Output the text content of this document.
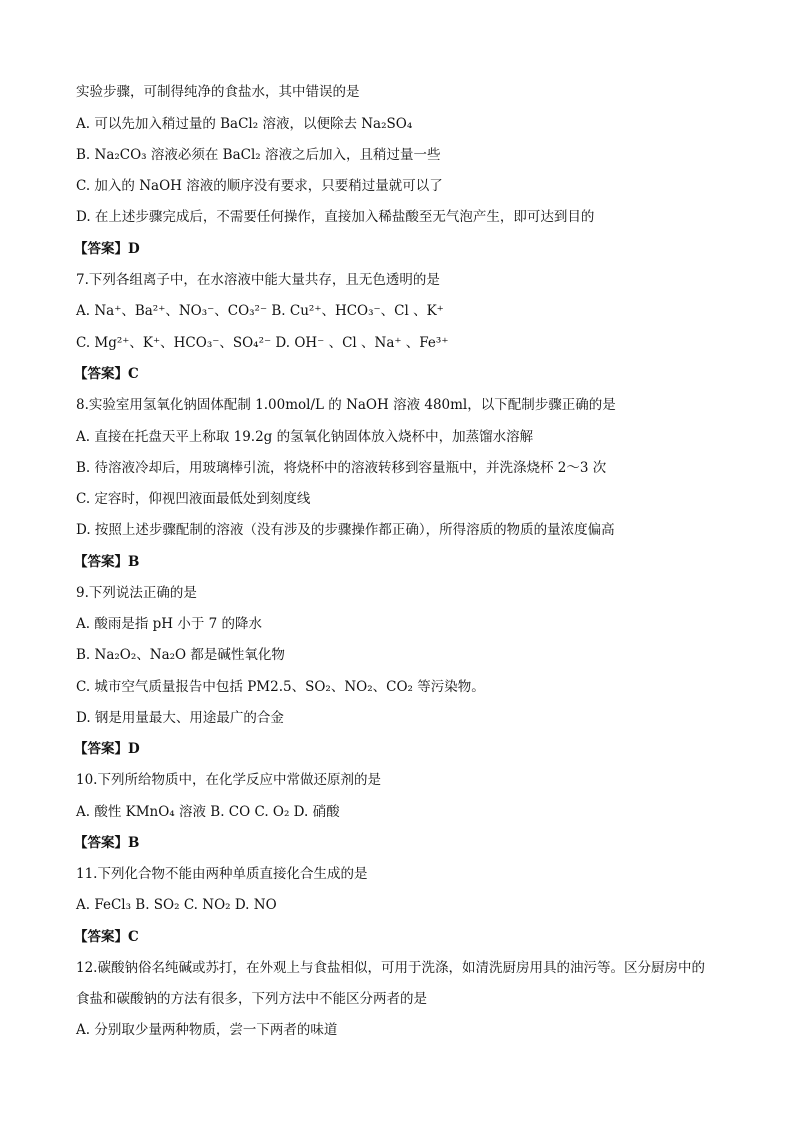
实验步骤，可制得纯净的食盐水，其中错误的是
A. 可以先加入稍过量的 BaCl₂ 溶液，以便除去 Na₂SO₄
B. Na₂CO₃ 溶液必须在 BaCl₂ 溶液之后加入，且稍过量一些
C. 加入的 NaOH 溶液的顺序没有要求，只要稍过量就可以了
D. 在上述步骤完成后，不需要任何操作，直接加入稀盐酸至无气泡产生，即可达到目的
【答案】D
7.下列各组离子中，在水溶液中能大量共存，且无色透明的是
A. Na⁺、Ba²⁺、NO₃⁻、CO₃²⁻ B. Cu²⁺、HCO₃⁻、Cl 、K⁺
C. Mg²⁺、K⁺、HCO₃⁻、SO₄²⁻ D. OH⁻ 、Cl 、Na⁺ 、Fe³⁺
【答案】C
8.实验室用氢氧化钠固体配制 1.00mol/L 的 NaOH 溶液 480ml，以下配制步骤正确的是
A. 直接在托盘天平上称取 19.2g 的氢氧化钠固体放入烧杯中，加蒸馏水溶解
B. 待溶液冷却后，用玻璃棒引流，将烧杯中的溶液转移到容量瓶中，并洗涤烧杯 2～3 次
C. 定容时，仰视凹液面最低处到刻度线
D. 按照上述步骤配制的溶液（没有涉及的步骤操作都正确），所得溶质的物质的量浓度偏高
【答案】B
9.下列说法正确的是
A. 酸雨是指 pH 小于 7 的降水
B. Na₂O₂、Na₂O 都是碱性氧化物
C. 城市空气质量报告中包括 PM2.5、SO₂、NO₂、CO₂ 等污染物。
D. 钢是用量最大、用途最广的合金
【答案】D
10.下列所给物质中，在化学反应中常做还原剂的是
A. 酸性 KMnO₄ 溶液 B. CO C. O₂ D. 硝酸
【答案】B
11.下列化合物不能由两种单质直接化合生成的是
A. FeCl₃ B. SO₂ C. NO₂ D. NO
【答案】C
12.碳酸钠俗名纯碱或苏打，在外观上与食盐相似，可用于洗涤，如清洗厨房用具的油污等。区分厨房中的
食盐和碳酸钠的方法有很多，下列方法中不能区分两者的是
A. 分别取少量两种物质，尝一下两者的味道
